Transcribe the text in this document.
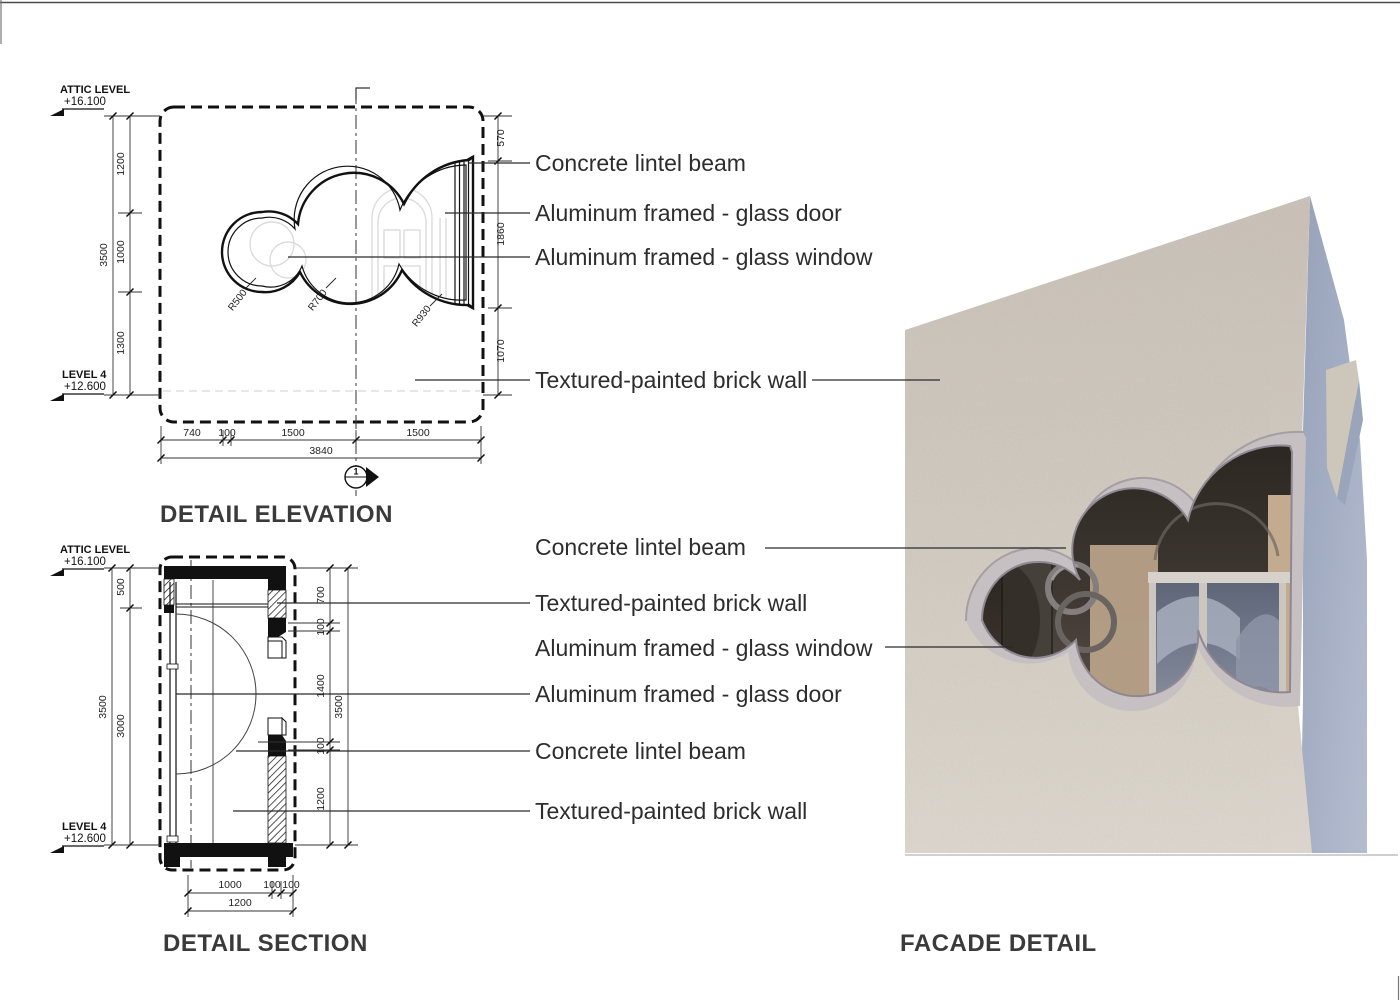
R500	R700
R930
1200
1000
1300
3500
570
1860
1070
740 100	1500	1500
3840
1
500
3000
3500
700
100
1400
100
1200
3500
1000 100 100
1200
ATTIC LEVEL
+16.100
LEVEL 4
+12.600
ATTIC LEVEL
+16.100
LEVEL 4
+12.600
Concrete lintel beam
Aluminum framed - glass door
Aluminum framed - glass window
Textured-painted brick wall
Concrete lintel beam
Textured-painted brick wall
Aluminum framed - glass window
Aluminum framed - glass door
Concrete lintel beam
Textured-painted brick wall
DETAIL ELEVATION
DETAIL SECTION	FACADE DETAIL
